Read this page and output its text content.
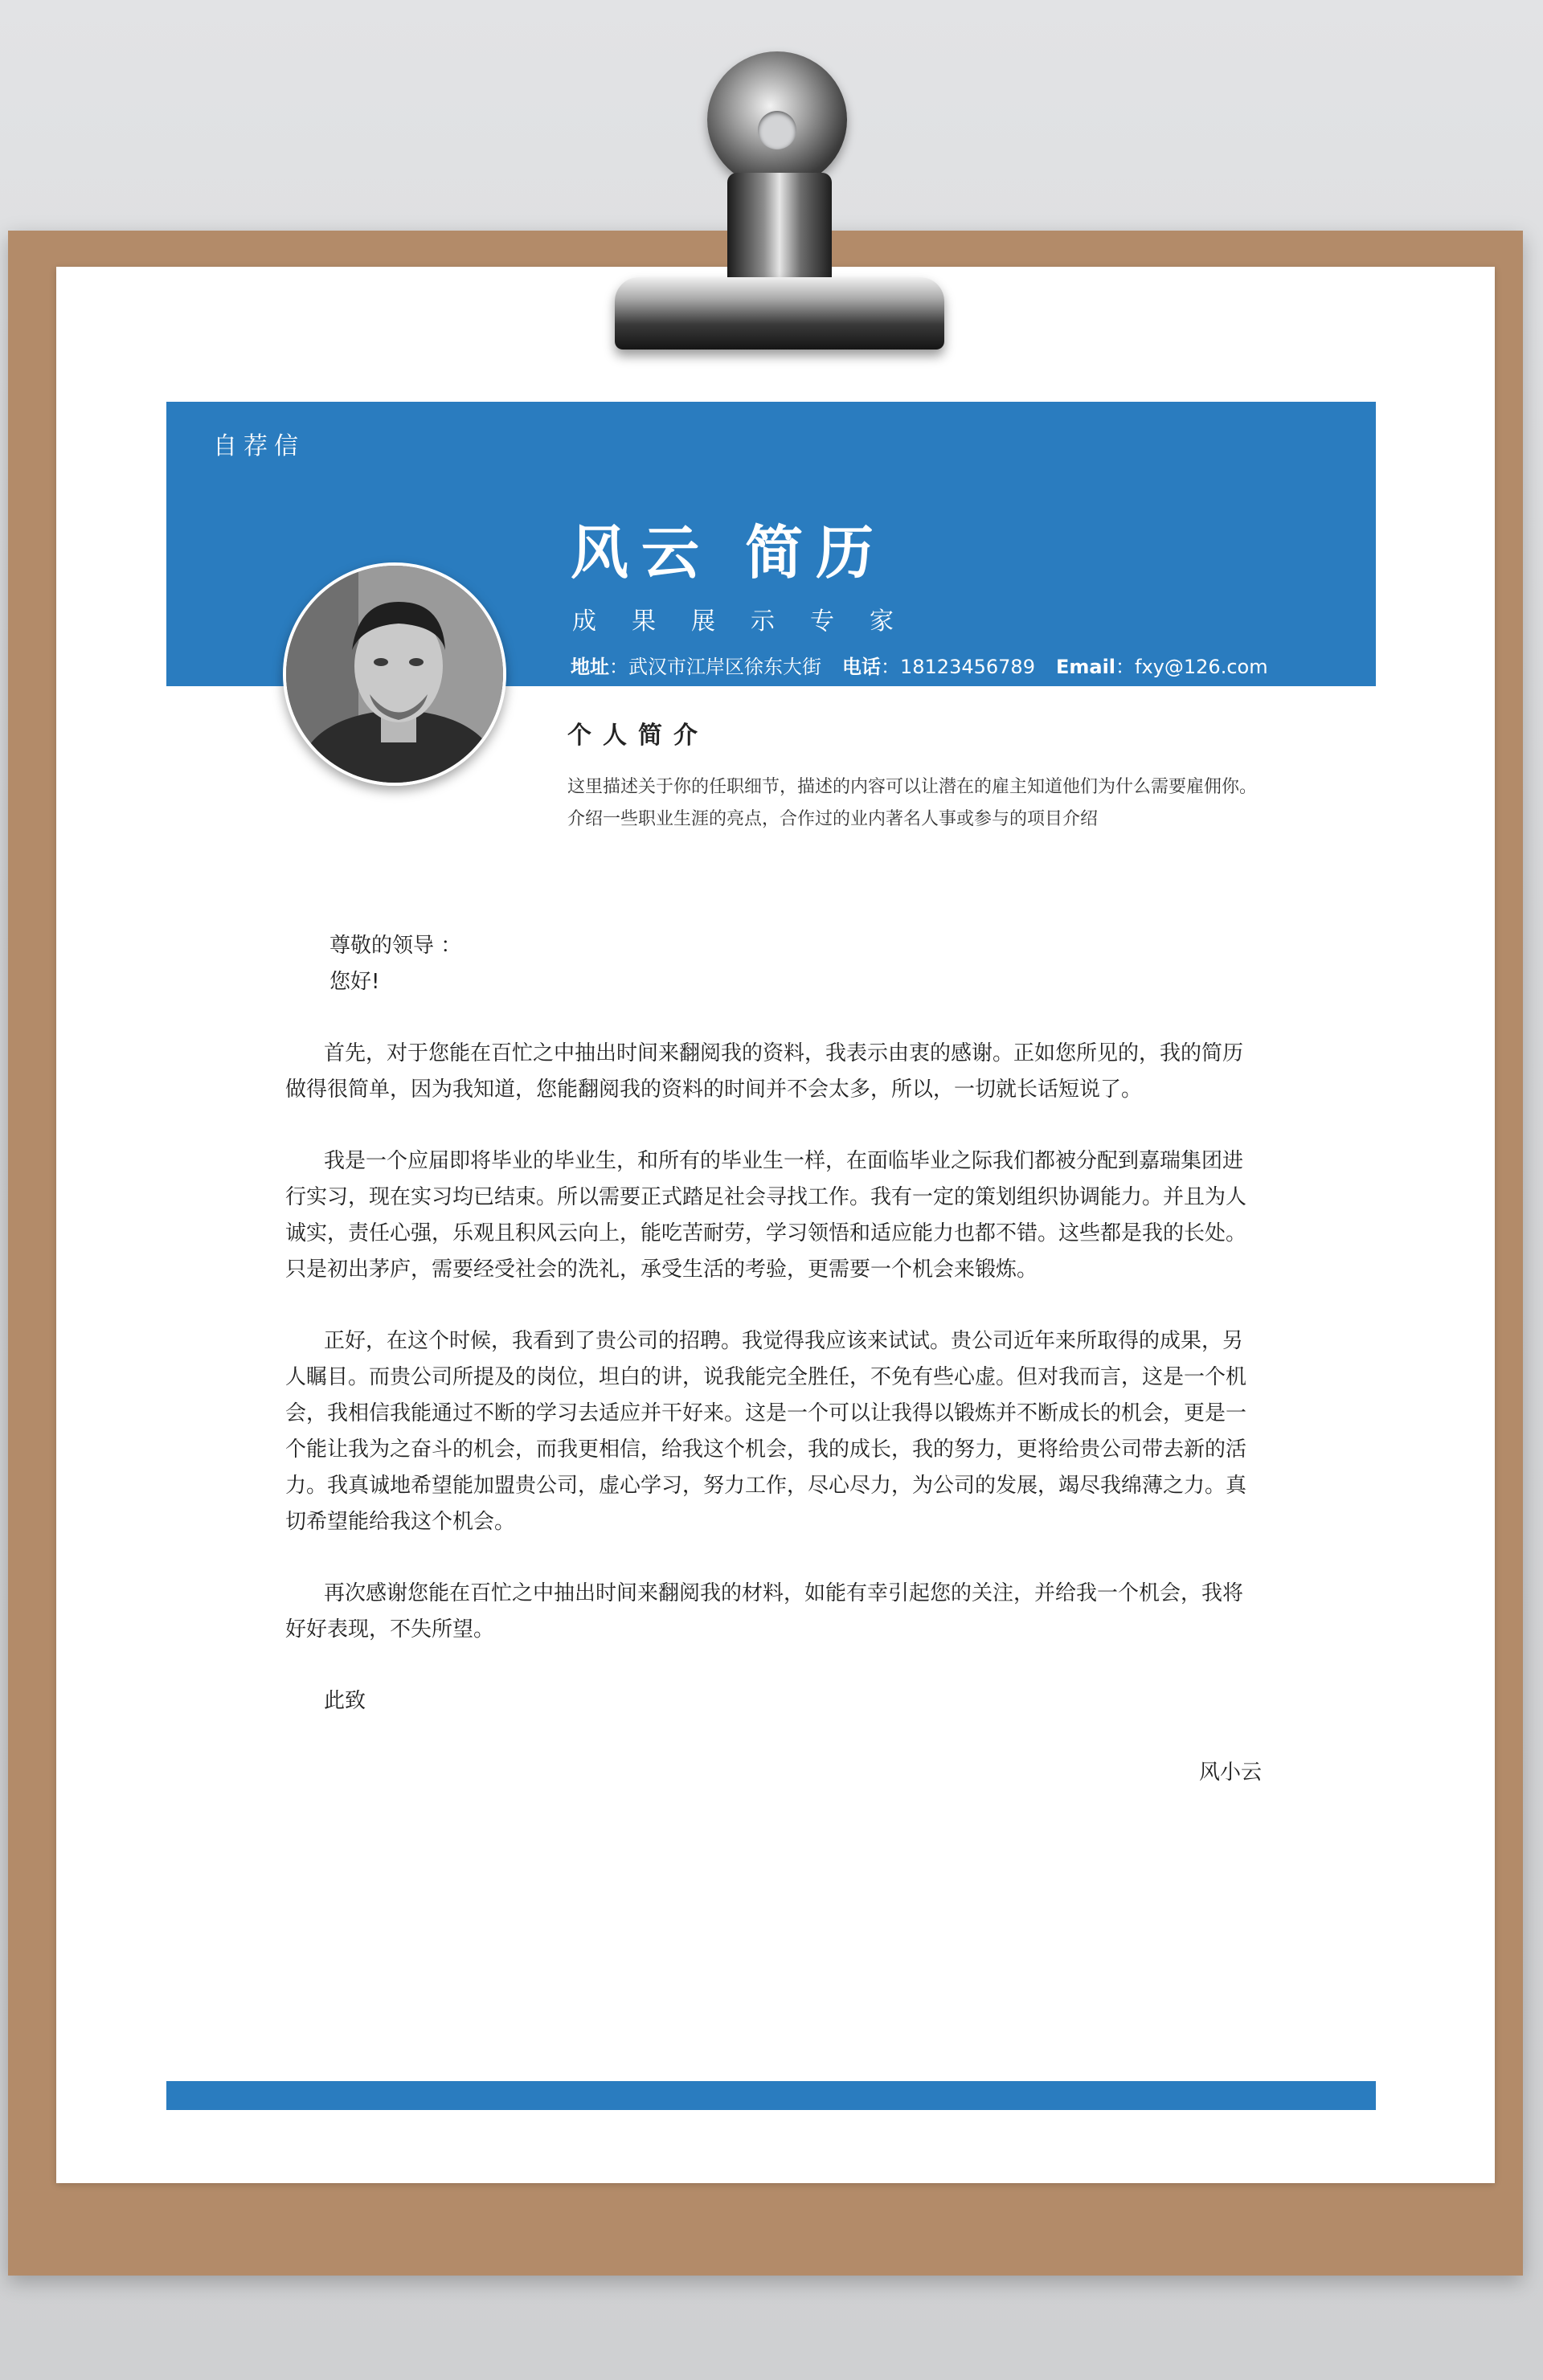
自荐信
风云 简历
成果展示专家
地址：武汉市江岸区徐东大街 电话：18123456789 Email：fxy@126.com
个人简介
这里描述关于你的任职细节，描述的内容可以让潜在的雇主知道他们为什么需要雇佣你。介绍一些职业生涯的亮点，合作过的业内著名人事或参与的项目介绍
尊敬的领导 ：
您好!

首先，对于您能在百忙之中抽出时间来翻阅我的资料，我表示由衷的感谢。正如您所见的，我的简历做得很简单，因为我知道，您能翻阅我的资料的时间并不会太多，所以，一切就长话短说了。

我是一个应届即将毕业的毕业生，和所有的毕业生一样，在面临毕业之际我们都被分配到嘉瑞集团进行实习，现在实习均已结束。所以需要正式踏足社会寻找工作。我有一定的策划组织协调能力。并且为人诚实，责任心强，乐观且积风云向上，能吃苦耐劳，学习领悟和适应能力也都不错。这些都是我的长处。只是初出茅庐，需要经受社会的洗礼，承受生活的考验，更需要一个机会来锻炼。

正好，在这个时候，我看到了贵公司的招聘。我觉得我应该来试试。贵公司近年来所取得的成果，另人瞩目。而贵公司所提及的岗位，坦白的讲，说我能完全胜任，不免有些心虚。但对我而言，这是一个机会，我相信我能通过不断的学习去适应并干好来。这是一个可以让我得以锻炼并不断成长的机会，更是一个能让我为之奋斗的机会，而我更相信，给我这个机会，我的成长，我的努力，更将给贵公司带去新的活力。我真诚地希望能加盟贵公司，虚心学习，努力工作，尽心尽力，为公司的发展，竭尽我绵薄之力。真切希望能给我这个机会。

再次感谢您能在百忙之中抽出时间来翻阅我的材料，如能有幸引起您的关注，并给我一个机会，我将好好表现，不失所望。

此致
风小云
